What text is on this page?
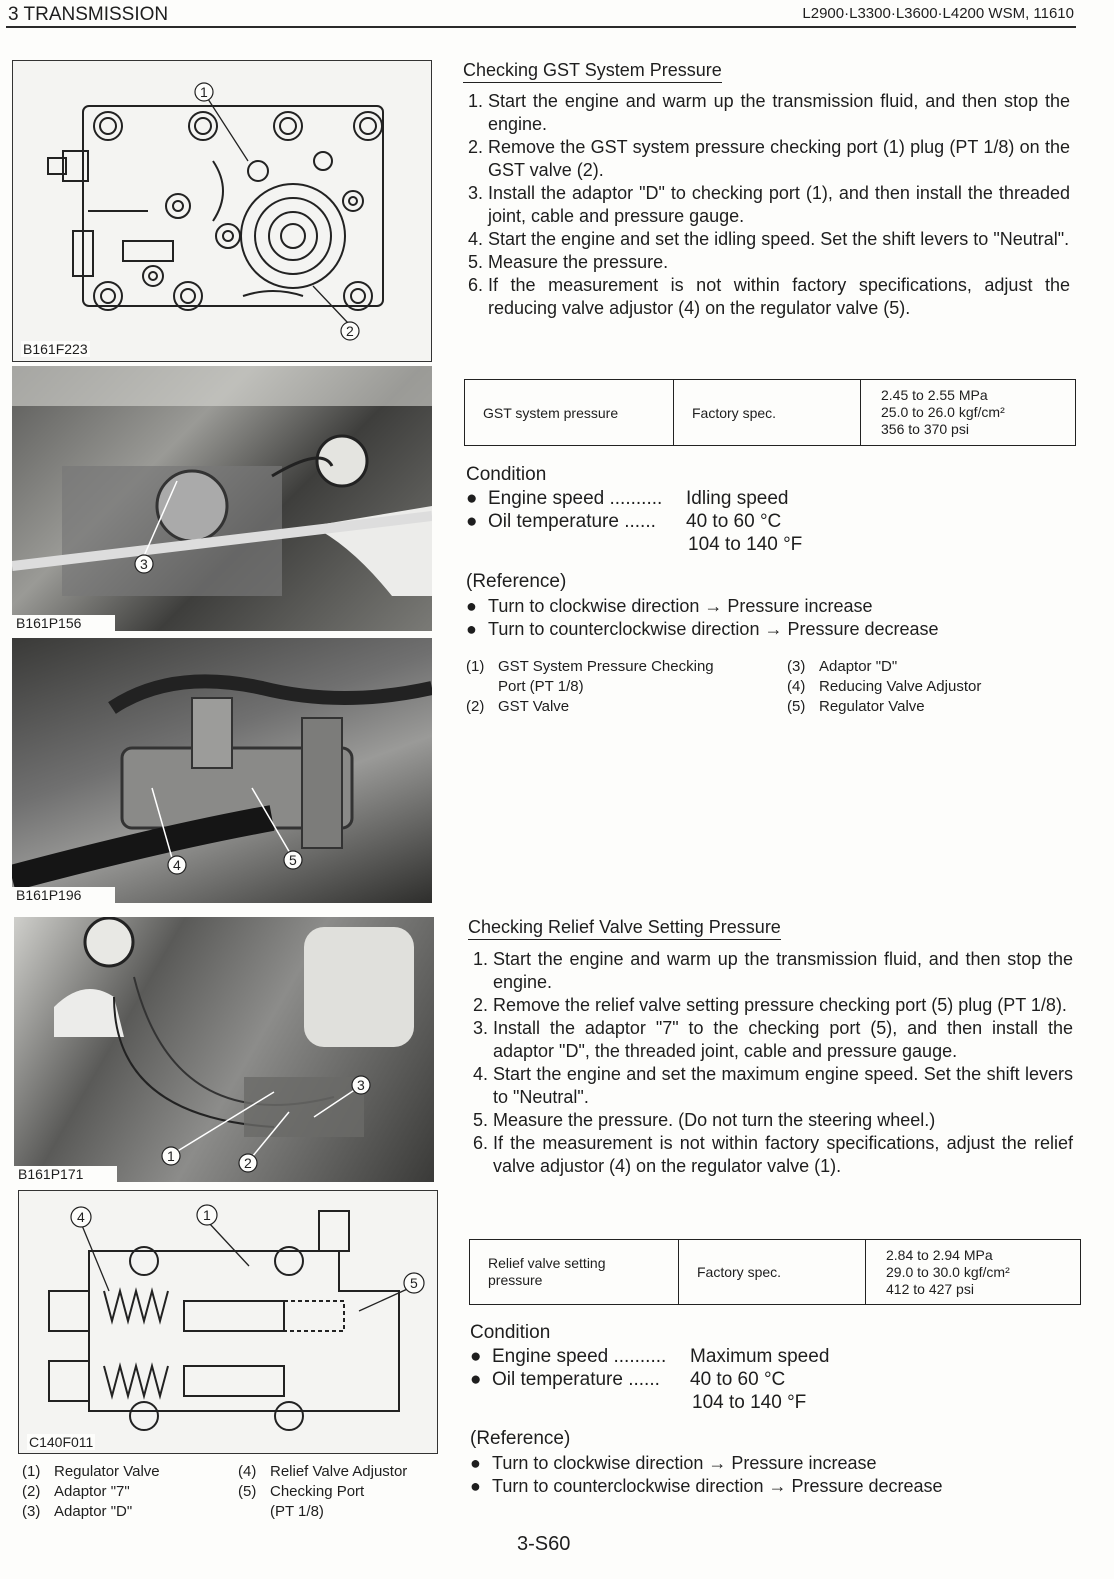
3 TRANSMISSION	L2900·L3300·L3600·L4200 WSM, 11610
1
2
B161F223
3
B161P156
4	5
B161P196
1	2
3
B161P171
4	1
5
C140F011
(1) Regulator Valve
(2) Adaptor "7"
(3) Adaptor "D"
(4) Relief Valve Adjustor
(5) Checking Port
(PT 1/8)
Checking GST System Pressure
1. Start the engine and warm up the transmission fluid, and then stop the engine.
2. Remove the GST system pressure checking port (1) plug (PT 1/8) on the GST valve (2).
3. Install the adaptor "D" to checking port (1), and then install the threaded joint, cable and pressure gauge.
4. Start the engine and set the idling speed. Set the shift levers to "Neutral".
5. Measure the pressure.
6. If the measurement is not within factory specifications, adjust the reducing valve adjustor (4) on the regulator valve (5).
GST system pressure	Factory spec.	
2.45 to 2.55 MPa
25.0 to 26.0 kgf/cm²
356 to 370 psi
Condition
● Engine speed .......... Idling speed
● Oil temperature ...... 40 to 60 °C
104 to 140 °F
(Reference)
● Turn to clockwise direction → Pressure increase
● Turn to counterclockwise direction → Pressure decrease
(1) GST System Pressure Checking
Port (PT 1/8)
(2) GST Valve
(3) Adaptor "D"
(4) Reducing Valve Adjustor
(5) Regulator Valve
Checking Relief Valve Setting Pressure
1. Start the engine and warm up the transmission fluid, and then stop the engine.
2. Remove the relief valve setting pressure checking port (5) plug (PT 1/8).
3. Install the adaptor "7" to the checking port (5), and then install the adaptor "D", the threaded joint, cable and pressure gauge.
4. Start the engine and set the maximum engine speed. Set the shift levers to "Neutral".
5. Measure the pressure. (Do not turn the steering wheel.)
6. If the measurement is not within factory specifications, adjust the relief valve adjustor (4) on the regulator valve (1).
Relief valve setting
pressure	Factory spec.	
2.84 to 2.94 MPa
29.0 to 30.0 kgf/cm²
412 to 427 psi
Condition
● Engine speed .......... Maximum speed
● Oil temperature ...... 40 to 60 °C
104 to 140 °F
(Reference)
● Turn to clockwise direction → Pressure increase
● Turn to counterclockwise direction → Pressure decrease
3-S60
